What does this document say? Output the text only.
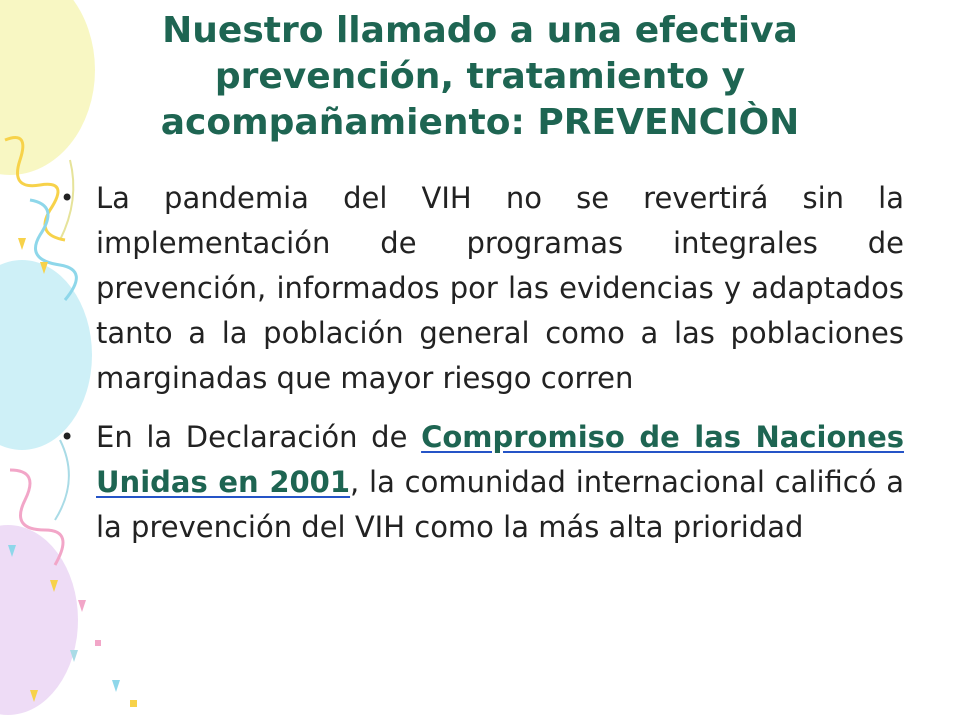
Nuestro llamado a una efectiva
prevención, tratamiento y
acompañamiento: PREVENCIÒN
• La pandemia del VIH no se revertirá sin la implementación de programas integrales de prevención, informados por las evidencias y adaptados tanto a la población general como a las poblaciones marginadas que mayor riesgo corren
• En la Declaración de Compromiso de las Naciones Unidas en 2001, la comunidad internacional calificó a la prevención del VIH como la más alta prioridad
